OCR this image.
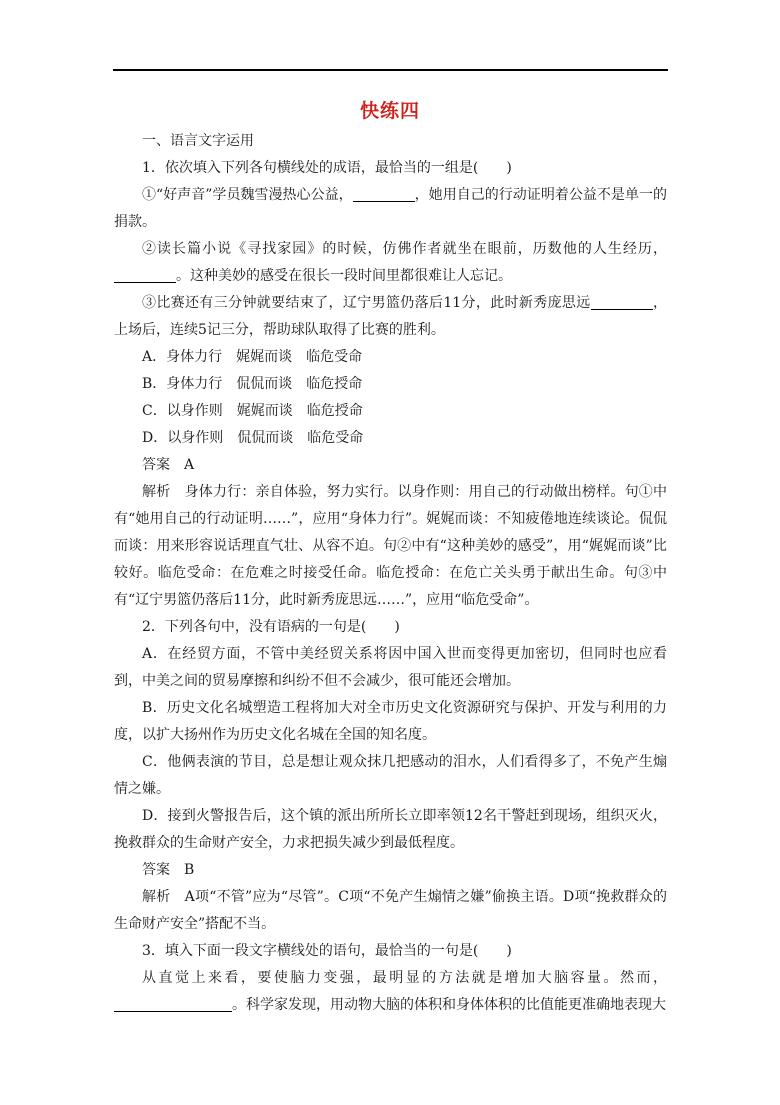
快练四

一、语言文字运用

1．依次填入下列各句横线处的成语，最恰当的一组是(　　)

①“好声音”学员魏雪漫热心公益，	，她用自己的行动证明着公益不是单一的捐款。

②读长篇小说《寻找家园》的时候，仿佛作者就坐在眼前，历数他的人生经历，。这种美妙的感受在很长一段时间里都很难让人忘记。

③比赛还有三分钟就要结束了，辽宁男篮仍落后11分，此时新秀庞思远	，上场后，连续5记三分，帮助球队取得了比赛的胜利。

A．身体力行　娓娓而谈　临危受命

B．身体力行　侃侃而谈　临危授命

C．以身作则　娓娓而谈　临危授命

D．以身作则　侃侃而谈　临危受命

答案　A

解析　身体力行：亲自体验，努力实行。以身作则：用自己的行动做出榜样。句①中有“她用自己的行动证明……”，应用“身体力行”。娓娓而谈：不知疲倦地连续谈论。侃侃而谈：用来形容说话理直气壮、从容不迫。句②中有“这种美妙的感受”，用“娓娓而谈”比较好。临危受命：在危难之时接受任命。临危授命：在危亡关头勇于献出生命。句③中有“辽宁男篮仍落后11分，此时新秀庞思远……”，应用“临危受命”。

2．下列各句中，没有语病的一句是(　　)

A．在经贸方面，不管中美经贸关系将因中国入世而变得更加密切，但同时也应看到，中美之间的贸易摩擦和纠纷不但不会减少，很可能还会增加。

B．历史文化名城塑造工程将加大对全市历史文化资源研究与保护、开发与利用的力度，以扩大扬州作为历史文化名城在全国的知名度。

C．他俩表演的节目，总是想让观众抹几把感动的泪水，人们看得多了，不免产生煽情之嫌。

D．接到火警报告后，这个镇的派出所所长立即率领12名干警赶到现场，组织灭火，挽救群众的生命财产安全，力求把损失减少到最低程度。

答案　B

解析　A项“不管”应为“尽管”。C项“不免产生煽情之嫌”偷换主语。D项“挽救群众的生命财产安全”搭配不当。

3．填入下面一段文字横线处的语句，最恰当的一句是(　　)

从直觉上来看，要使脑力变强，最明显的方法就是增加大脑容量。然而，。科学家发现，用动物大脑的体积和身体体积的比值能更准确地表现大
